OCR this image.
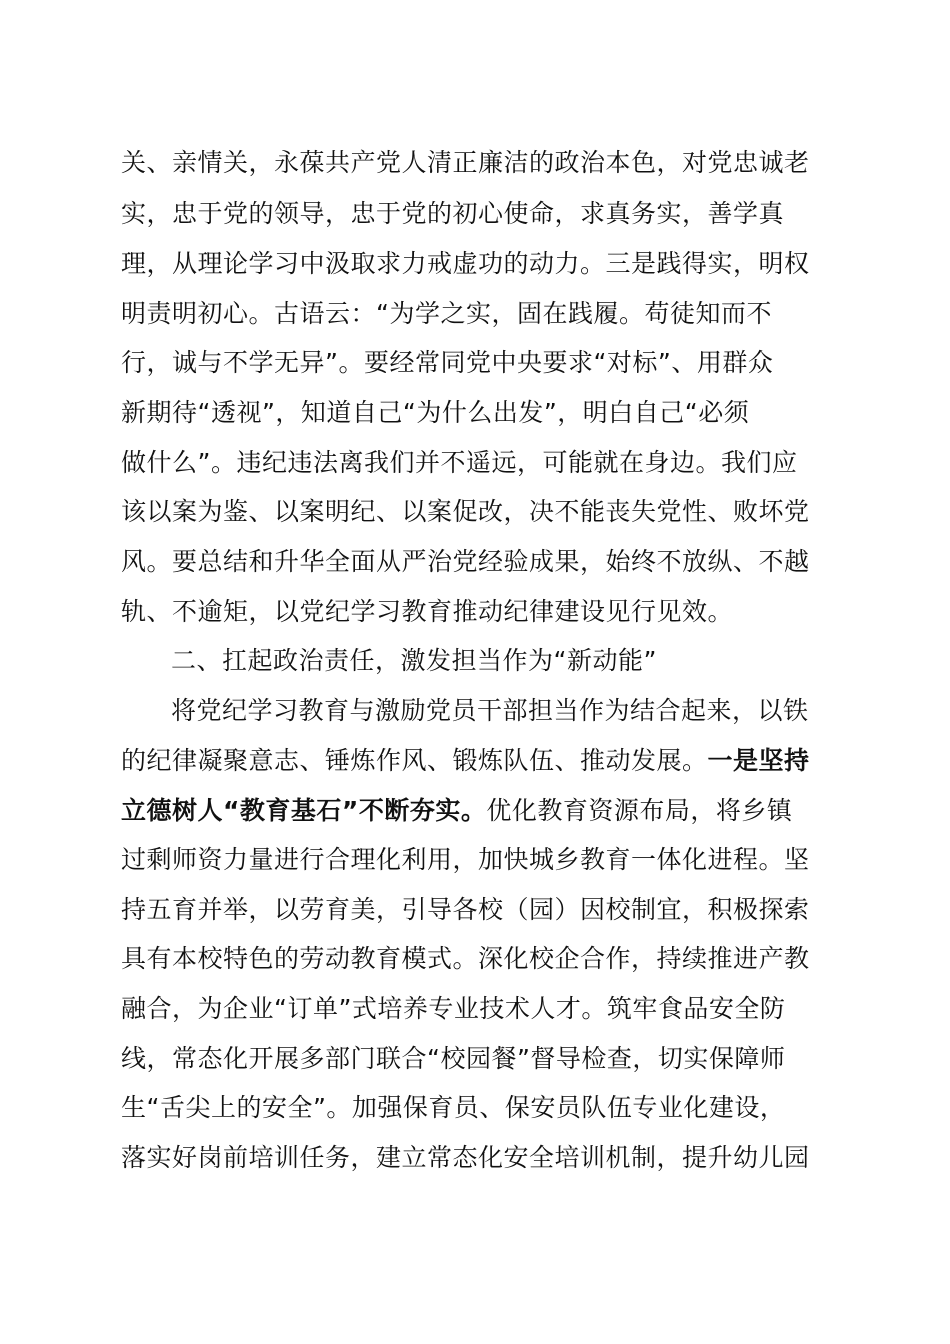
关、亲情关，永葆共产党人清正廉洁的政治本色，对党忠诚老
实，忠于党的领导，忠于党的初心使命，求真务实，善学真
理，从理论学习中汲取求力戒虚功的动力。三是践得实，明权
明责明初心。古语云：“为学之实，固在践履。苟徒知而不
行，诚与不学无异”。要经常同党中央要求“对标”、用群众
新期待“透视”，知道自己“为什么出发”，明白自己“必须
做什么”。违纪违法离我们并不遥远，可能就在身边。我们应
该以案为鉴、以案明纪、以案促改，决不能丧失党性、败坏党
风。要总结和升华全面从严治党经验成果，始终不放纵、不越
轨、不逾矩，以党纪学习教育推动纪律建设见行见效。
二、扛起政治责任，激发担当作为“新动能”
将党纪学习教育与激励党员干部担当作为结合起来，以铁
的纪律凝聚意志、锤炼作风、锻炼队伍、推动发展。一是坚持
立德树人“教育基石”不断夯实。优化教育资源布局，将乡镇
过剩师资力量进行合理化利用，加快城乡教育一体化进程。坚
持五育并举，以劳育美，引导各校（园）因校制宜，积极探索
具有本校特色的劳动教育模式。深化校企合作，持续推进产教
融合，为企业“订单”式培养专业技术人才。筑牢食品安全防
线，常态化开展多部门联合“校园餐”督导检查，切实保障师
生“舌尖上的安全”。加强保育员、保安员队伍专业化建设，
落实好岗前培训任务，建立常态化安全培训机制，提升幼儿园
